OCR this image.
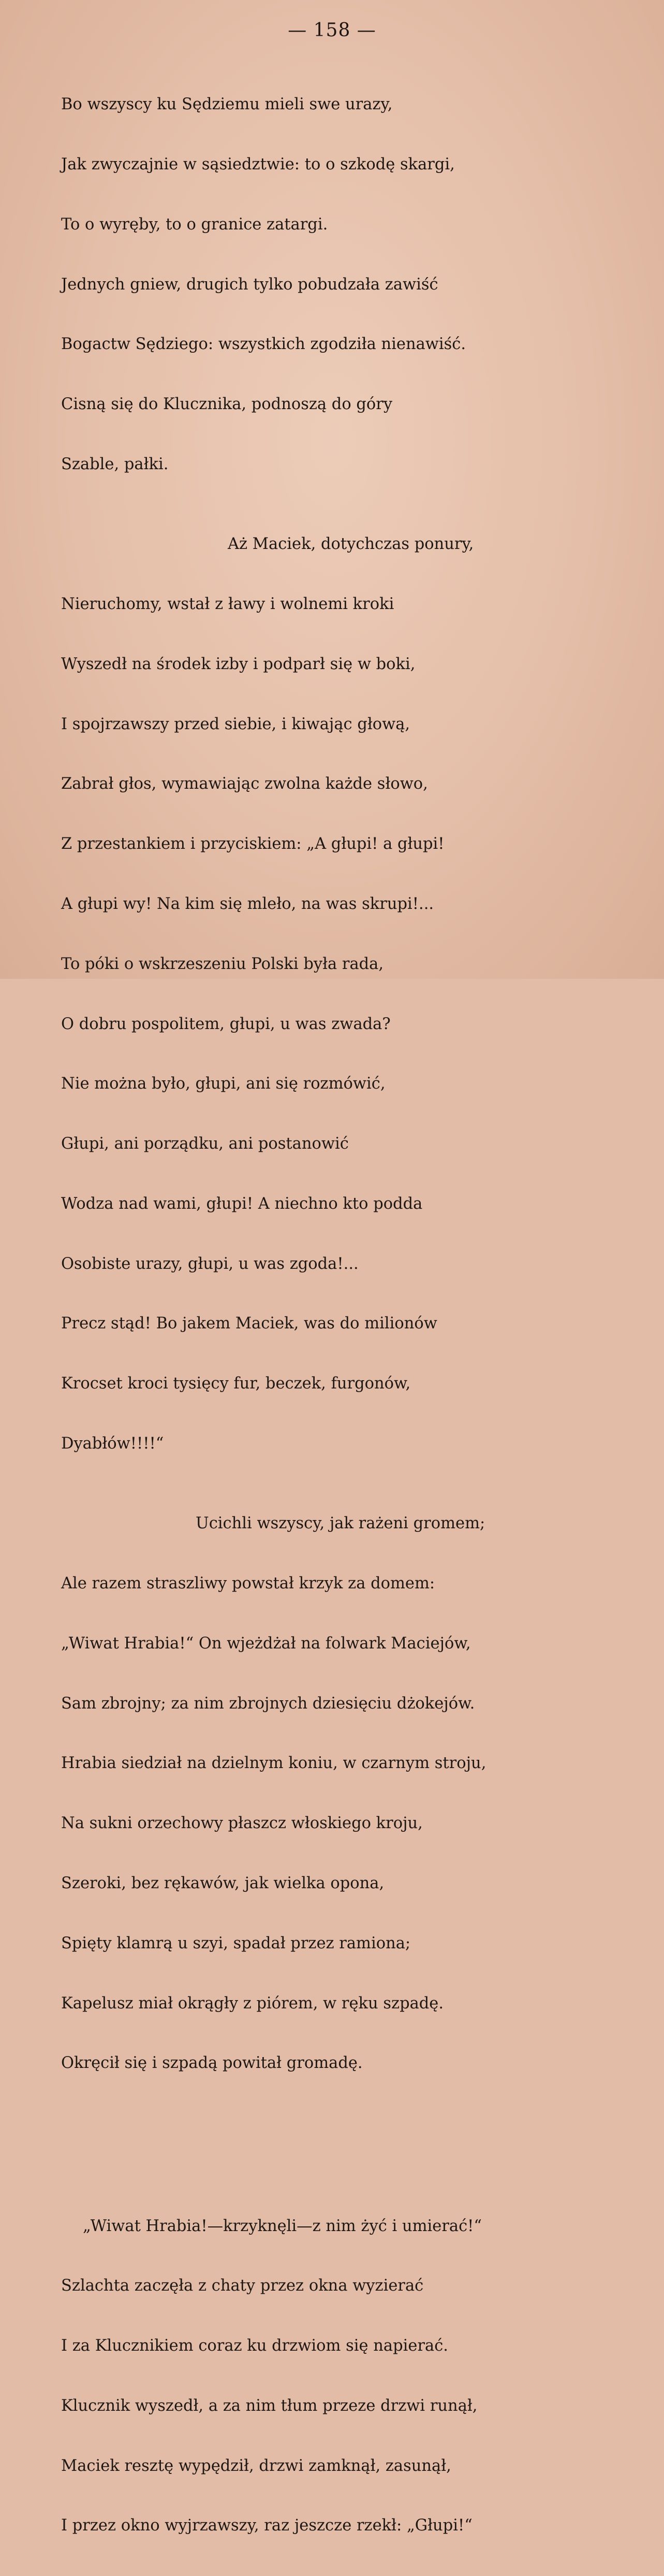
— 158 —

Bo wszyscy ku Sędziemu mieli swe urazy,

Jak zwyczajnie w sąsiedztwie: to o szkodę skargi,

To o wyręby, to o granice zatargi.

Jednych gniew, drugich tylko pobudzała zawiść

Bogactw Sędziego: wszystkich zgodziła nienawiść.

Cisną się do Klucznika, podnoszą do góry

Szable, pałki.

Aż Maciek, dotychczas ponury,

Nieruchomy, wstał z ławy i wolnemi kroki

Wyszedł na środek izby i podparł się w boki,

I spojrzawszy przed siebie, i kiwając głową,

Zabrał głos, wymawiając zwolna każde słowo,

Z przestankiem i przyciskiem: „A głupi! a głupi!

A głupi wy! Na kim się mleło, na was skrupi!...

To póki o wskrzeszeniu Polski była rada,

O dobru pospolitem, głupi, u was zwada?

Nie można było, głupi, ani się rozmówić,

Głupi, ani porządku, ani postanowić

Wodza nad wami, głupi! A niechno kto podda

Osobiste urazy, głupi, u was zgoda!...

Precz stąd! Bo jakem Maciek, was do milionów

Krocset kroci tysięcy fur, beczek, furgonów,

Dyabłów!!!!“

Ucichli wszyscy, jak rażeni gromem;

Ale razem straszliwy powstał krzyk za domem:

„Wiwat Hrabia!“ On wjeżdżał na folwark Maciejów,

Sam zbrojny; za nim zbrojnych dziesięciu dżokejów.

Hrabia siedział na dzielnym koniu, w czarnym stroju,

Na sukni orzechowy płaszcz włoskiego kroju,

Szeroki, bez rękawów, jak wielka opona,

Spięty klamrą u szyi, spadał przez ramiona;

Kapelusz miał okrągły z piórem, w ręku szpadę.

Okręcił się i szpadą powitał gromadę.

„Wiwat Hrabia!—krzyknęli—z nim żyć i umierać!“

Szlachta zaczęła z chaty przez okna wyzierać

I za Klucznikiem coraz ku drzwiom się napierać.

Klucznik wyszedł, a za nim tłum przeze drzwi runął,

Maciek resztę wypędził, drzwi zamknął, zasunął,

I przez okno wyjrzawszy, raz jeszcze rzekł: „Głupi!“
